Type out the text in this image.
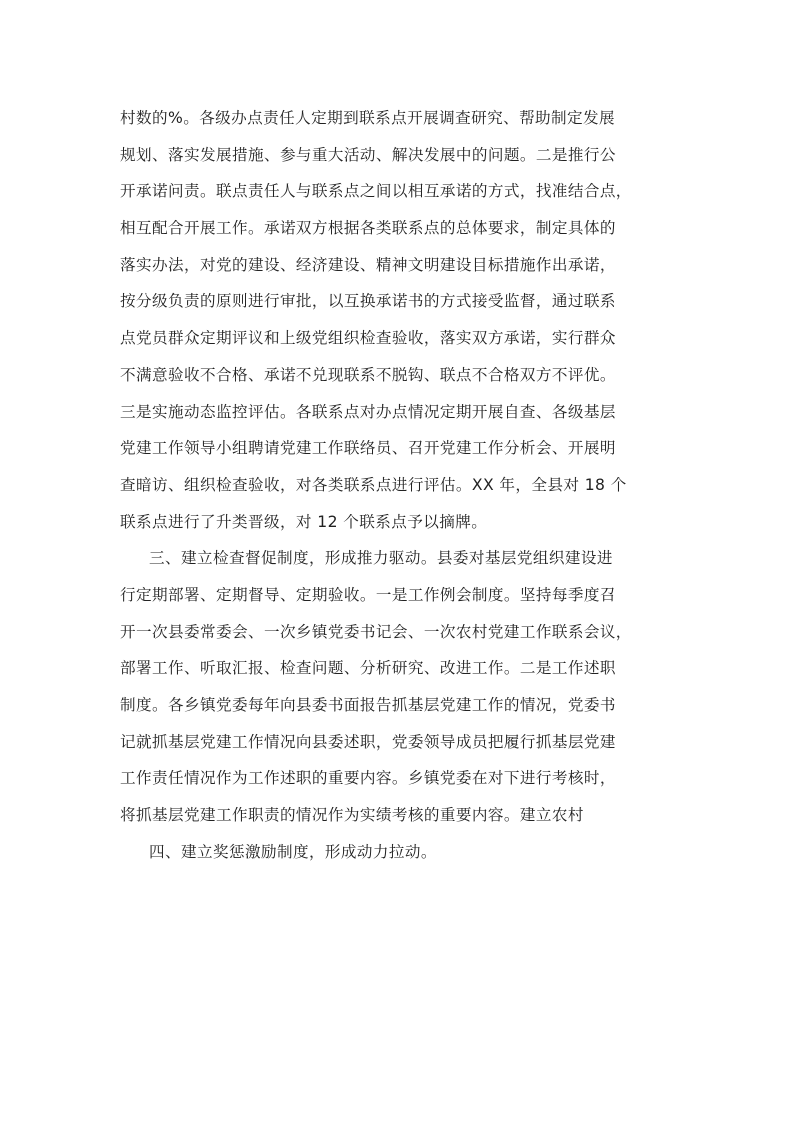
村数的%。各级办点责任人定期到联系点开展调查研究、帮助制定发展
规划、落实发展措施、参与重大活动、解决发展中的问题。二是推行公
开承诺问责。联点责任人与联系点之间以相互承诺的方式，找准结合点，
相互配合开展工作。承诺双方根据各类联系点的总体要求，制定具体的
落实办法，对党的建设、经济建设、精神文明建设目标措施作出承诺，
按分级负责的原则进行审批，以互换承诺书的方式接受监督，通过联系
点党员群众定期评议和上级党组织检查验收，落实双方承诺，实行群众
不满意验收不合格、承诺不兑现联系不脱钩、联点不合格双方不评优。
三是实施动态监控评估。各联系点对办点情况定期开展自查、各级基层
党建工作领导小组聘请党建工作联络员、召开党建工作分析会、开展明
查暗访、组织检查验收，对各类联系点进行评估。XX 年，全县对 18 个
联系点进行了升类晋级，对 12 个联系点予以摘牌。
三、建立检查督促制度，形成推力驱动。县委对基层党组织建设进
行定期部署、定期督导、定期验收。一是工作例会制度。坚持每季度召
开一次县委常委会、一次乡镇党委书记会、一次农村党建工作联系会议，
部署工作、听取汇报、检查问题、分析研究、改进工作。二是工作述职
制度。各乡镇党委每年向县委书面报告抓基层党建工作的情况，党委书
记就抓基层党建工作情况向县委述职，党委领导成员把履行抓基层党建
工作责任情况作为工作述职的重要内容。乡镇党委在对下进行考核时，
将抓基层党建工作职责的情况作为实绩考核的重要内容。建立农村
四、建立奖惩激励制度，形成动力拉动。
